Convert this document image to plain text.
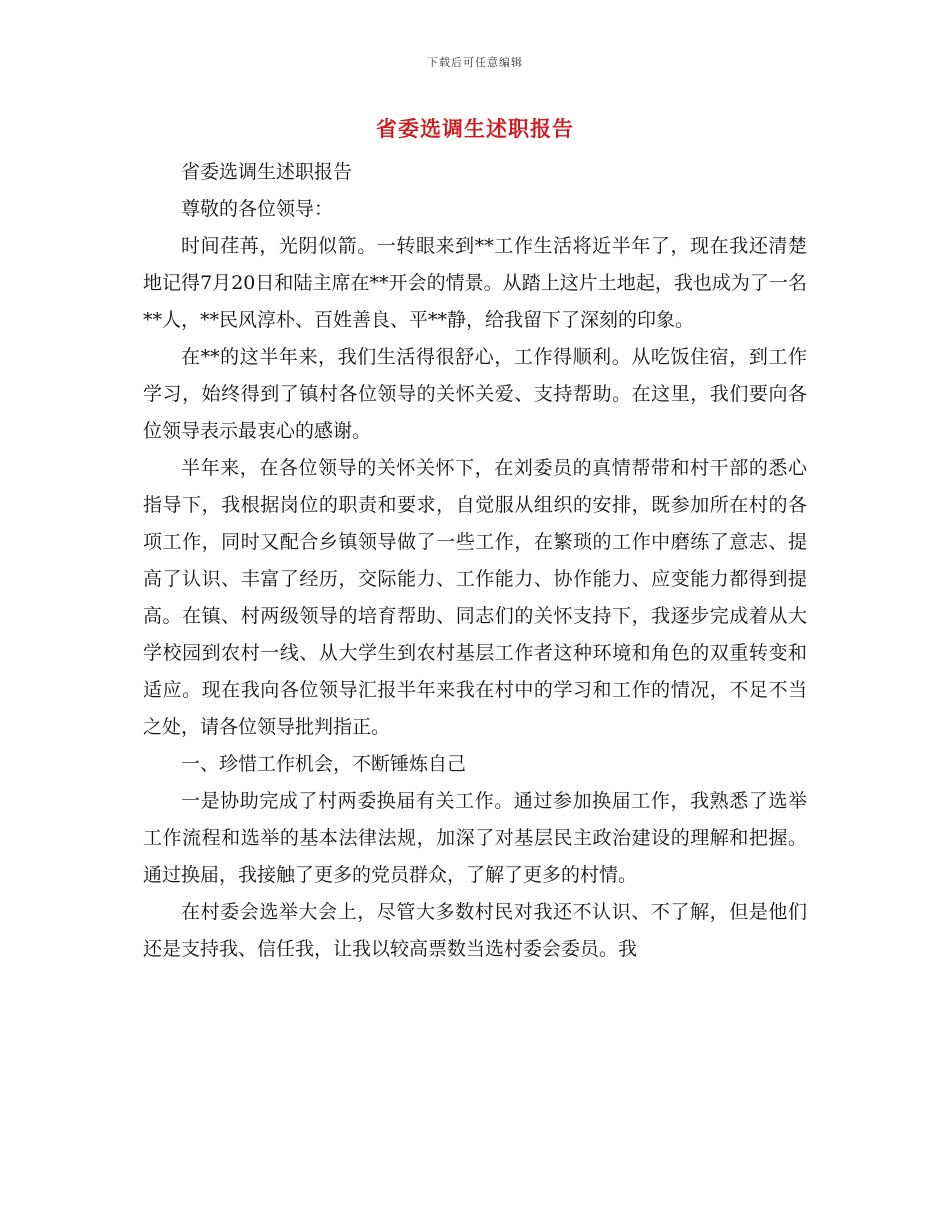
下载后可任意编辑
省委选调生述职报告

省委选调生述职报告

尊敬的各位领导：

时间荏苒，光阴似箭。一转眼来到**工作生活将近半年了，现在我还清楚地记得7月20日和陆主席在**开会的情景。从踏上这片土地起，我也成为了一名**人，**民风淳朴、百姓善良、平**静，给我留下了深刻的印象。

在**的这半年来，我们生活得很舒心，工作得顺利。从吃饭住宿，到工作学习，始终得到了镇村各位领导的关怀关爱、支持帮助。在这里，我们要向各位领导表示最衷心的感谢。

半年来，在各位领导的关怀关怀下，在刘委员的真情帮带和村干部的悉心指导下，我根据岗位的职责和要求，自觉服从组织的安排，既参加所在村的各项工作，同时又配合乡镇领导做了一些工作，在繁琐的工作中磨练了意志、提高了认识、丰富了经历，交际能力、工作能力、协作能力、应变能力都得到提高。在镇、村两级领导的培育帮助、同志们的关怀支持下，我逐步完成着从大学校园到农村一线、从大学生到农村基层工作者这种环境和角色的双重转变和适应。现在我向各位领导汇报半年来我在村中的学习和工作的情况，不足不当之处，请各位领导批判指正。

一、珍惜工作机会，不断锤炼自己

一是协助完成了村两委换届有关工作。通过参加换届工作，我熟悉了选举工作流程和选举的基本法律法规，加深了对基层民主政治建设的理解和把握。通过换届，我接触了更多的党员群众，了解了更多的村情。

在村委会选举大会上，尽管大多数村民对我还不认识、不了解，但是他们还是支持我、信任我，让我以较高票数当选村委会委员。我
